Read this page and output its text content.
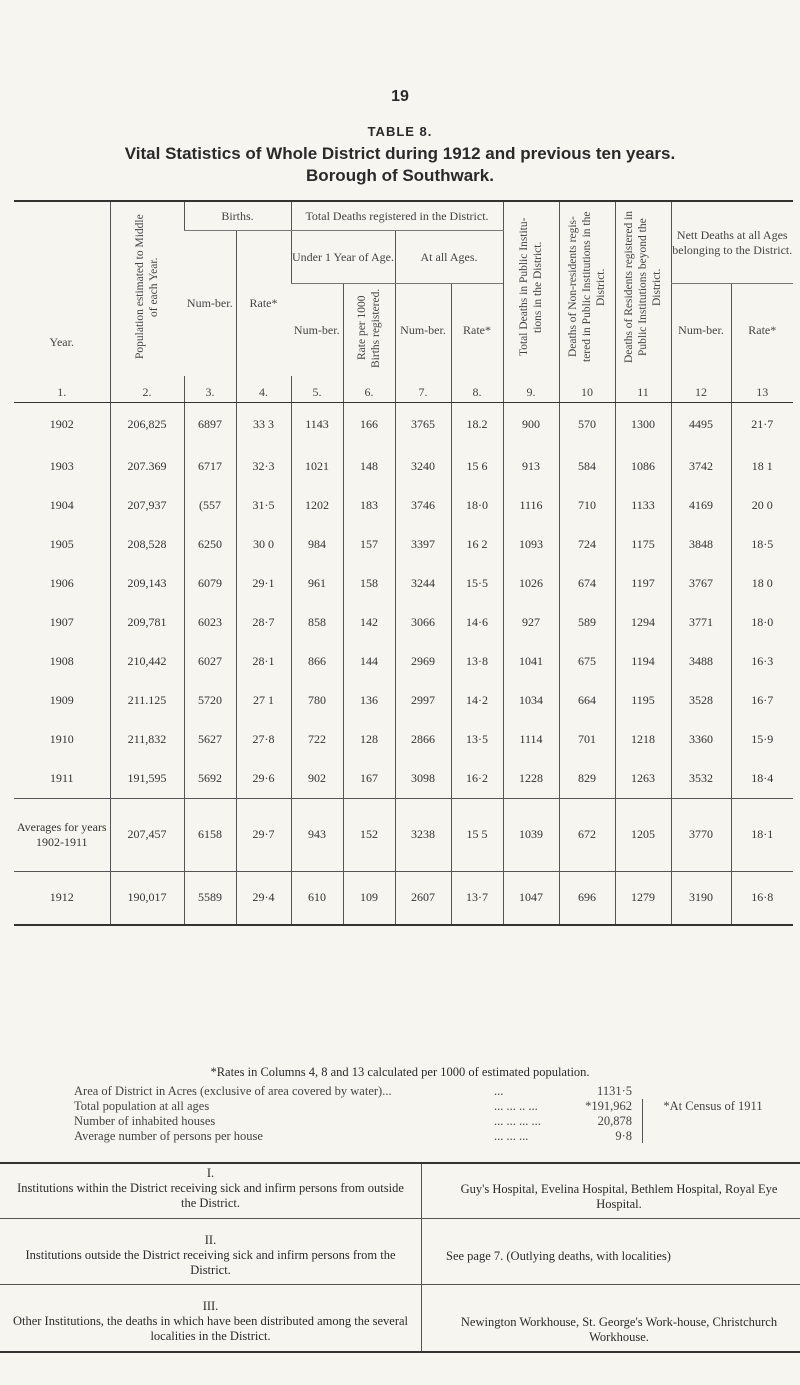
19
TABLE 8.
Vital Statistics of Whole District during 1912 and previous ten years.
Borough of Southwark.
Year.	Population estimated to Middle of each Year.	Births.		Total Deaths registered in the District.				Total Deaths in Public Institu-tions in the District.	Deaths of Non-residents regis-tered in Public Institutions in the District.	Deaths of Residents registered in Public Institutions beyond the District.	Nett Deaths at all Ages belonging to the District.	
		Num-ber.	Rate*	Under 1 Year of Age.		At all Ages.						
				Num-ber.	Rate per 1000 Births registered.	Num-ber.	Rate*				Num-ber.	Rate*
1.	2.	3.	4.	5.	6.	7.	8.	9.	10	11	12	13
1902	206,825	6897	33 3	1143	166	3765	18.2	900	570	1300	4495	21·7
1903	207.369	6717	32·3	1021	148	3240	15 6	913	584	1086	3742	18 1
1904	207,937	(557	31·5	1202	183	3746	18·0	1116	710	1133	4169	20 0
1905	208,528	6250	30 0	984	157	3397	16 2	1093	724	1175	3848	18·5
1906	209,143	6079	29·1	961	158	3244	15·5	1026	674	1197	3767	18 0
1907	209,781	6023	28·7	858	142	3066	14·6	927	589	1294	3771	18·0
1908	210,442	6027	28·1	866	144	2969	13·8	1041	675	1194	3488	16·3
1909	211.125	5720	27 1	780	136	2997	14·2	1034	664	1195	3528	16·7
1910	211,832	5627	27·8	722	128	2866	13·5	1114	701	1218	3360	15·9
1911	191,595	5692	29·6	902	167	3098	16·2	1228	829	1263	3532	18·4
Averages for years 1902-1911	207,457	6158	29·7	943	152	3238	15 5	1039	672	1205	3770	18·1
1912	190,017	5589	29·4	610	109	2607	13·7	1047	696	1279	3190	16·8
*Rates in Columns 4, 8 and 13 calculated per 1000 of estimated population.
Area of District in Acres (exclusive of area covered by water)...	...	1131·5
Total population at all ages	... ... .. ...	*191,962
Number of inhabited houses	... ... ... ...	20,878
Average number of persons per house	... ... ...	9·8
*At Census of 1911
I.
Institutions within the District receiving sick and infirm persons from outside the District.	Guy's Hospital, Evelina Hospital, Bethlem Hospital, Royal Eye Hospital.

II.
Institutions outside the District receiving sick and infirm persons from the District.	See page 7. (Outlying deaths, with localities)

III.
Other Institutions, the deaths in which have been distributed among the several localities in the District.	Newington Workhouse, St. George's Work-house, Christchurch Workhouse.
